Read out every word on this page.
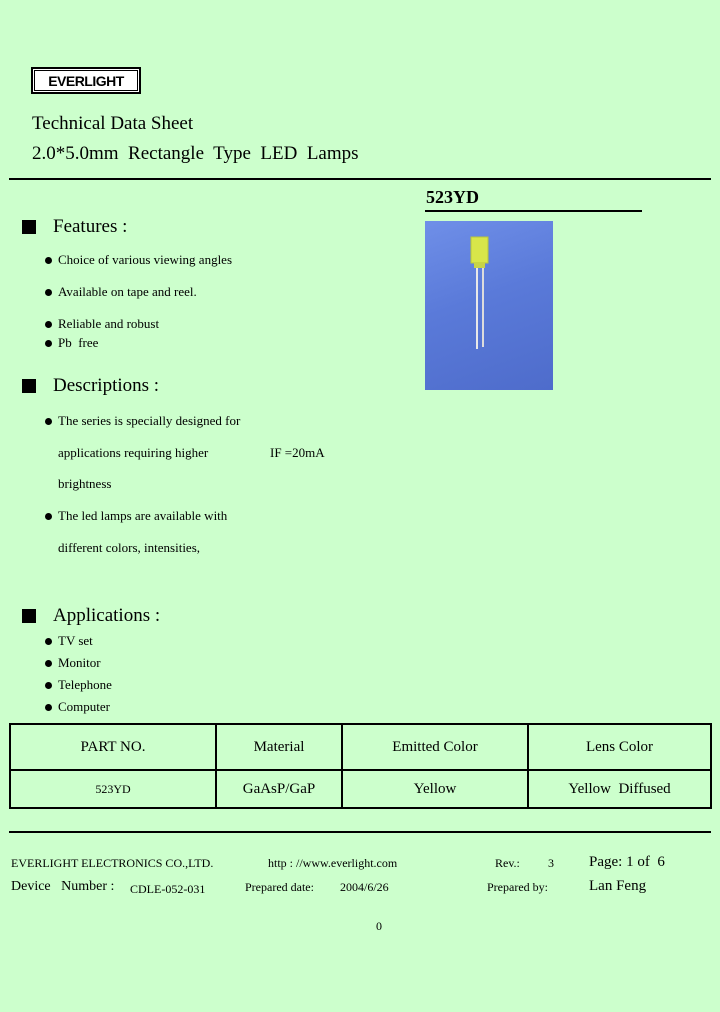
EVERLIGHT
Technical Data Sheet
2.0*5.0mm  Rectangle  Type  LED  Lamps
523YD
Features :
Choice of various viewing angles
Available on tape and reel.
Reliable and robust
Pb  free
Descriptions :
The series is specially designed for
applications requiring higher	IF =20mA
brightness
The led lamps are available with
different colors, intensities,
Applications :
TV set
Monitor
Telephone
Computer
PART NO.	Material	Emitted Color	Lens Color
523YD	GaAsP/GaP	Yellow	Yellow  Diffused
EVERLIGHT ELECTRONICS CO.,LTD.	http : //www.everlight.com	Rev.: 3 Page: 1 of  6
Device   Number : CDLE-052-031	Prepared date: 2004/6/26	Prepared by:	Lan Feng
0
